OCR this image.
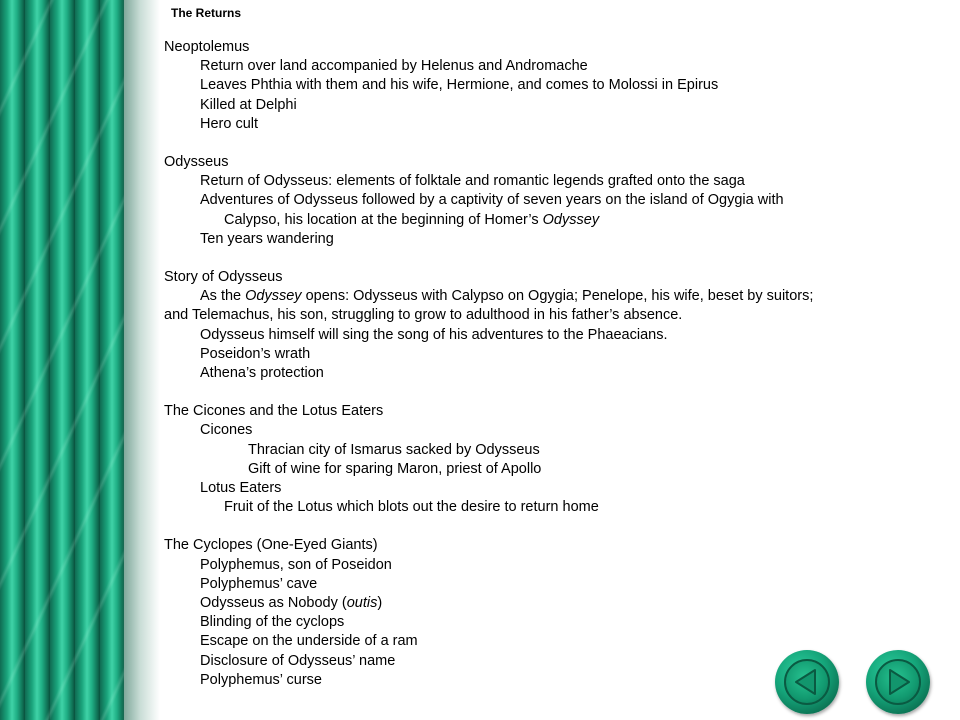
The Returns
Neoptolemus
Return over land accompanied by Helenus and Andromache
Leaves Phthia with them and his wife, Hermione, and comes to Molossi in Epirus
Killed at Delphi
Hero cult
Odysseus
Return of Odysseus: elements of folktale and romantic legends grafted onto the saga
Adventures of Odysseus followed by a captivity of seven years on the island of Ogygia with
Calypso, his location at the beginning of Homer’s Odyssey
Ten years wandering
Story of Odysseus
As the Odyssey opens: Odysseus with Calypso on Ogygia; Penelope, his wife, beset by suitors;
and Telemachus, his son, struggling to grow to adulthood in his father’s absence.
Odysseus himself will sing the song of his adventures to the Phaeacians.
Poseidon’s wrath
Athena’s protection
The Cicones and the Lotus Eaters
Cicones
Thracian city of Ismarus sacked by Odysseus
Gift of wine for sparing Maron, priest of Apollo
Lotus Eaters
Fruit of the Lotus which blots out the desire to return home
The Cyclopes (One-Eyed Giants)
Polyphemus, son of Poseidon
Polyphemus’ cave
Odysseus as Nobody (outis)
Blinding of the cyclops
Escape on the underside of a ram
Disclosure of Odysseus’ name
Polyphemus’ curse
